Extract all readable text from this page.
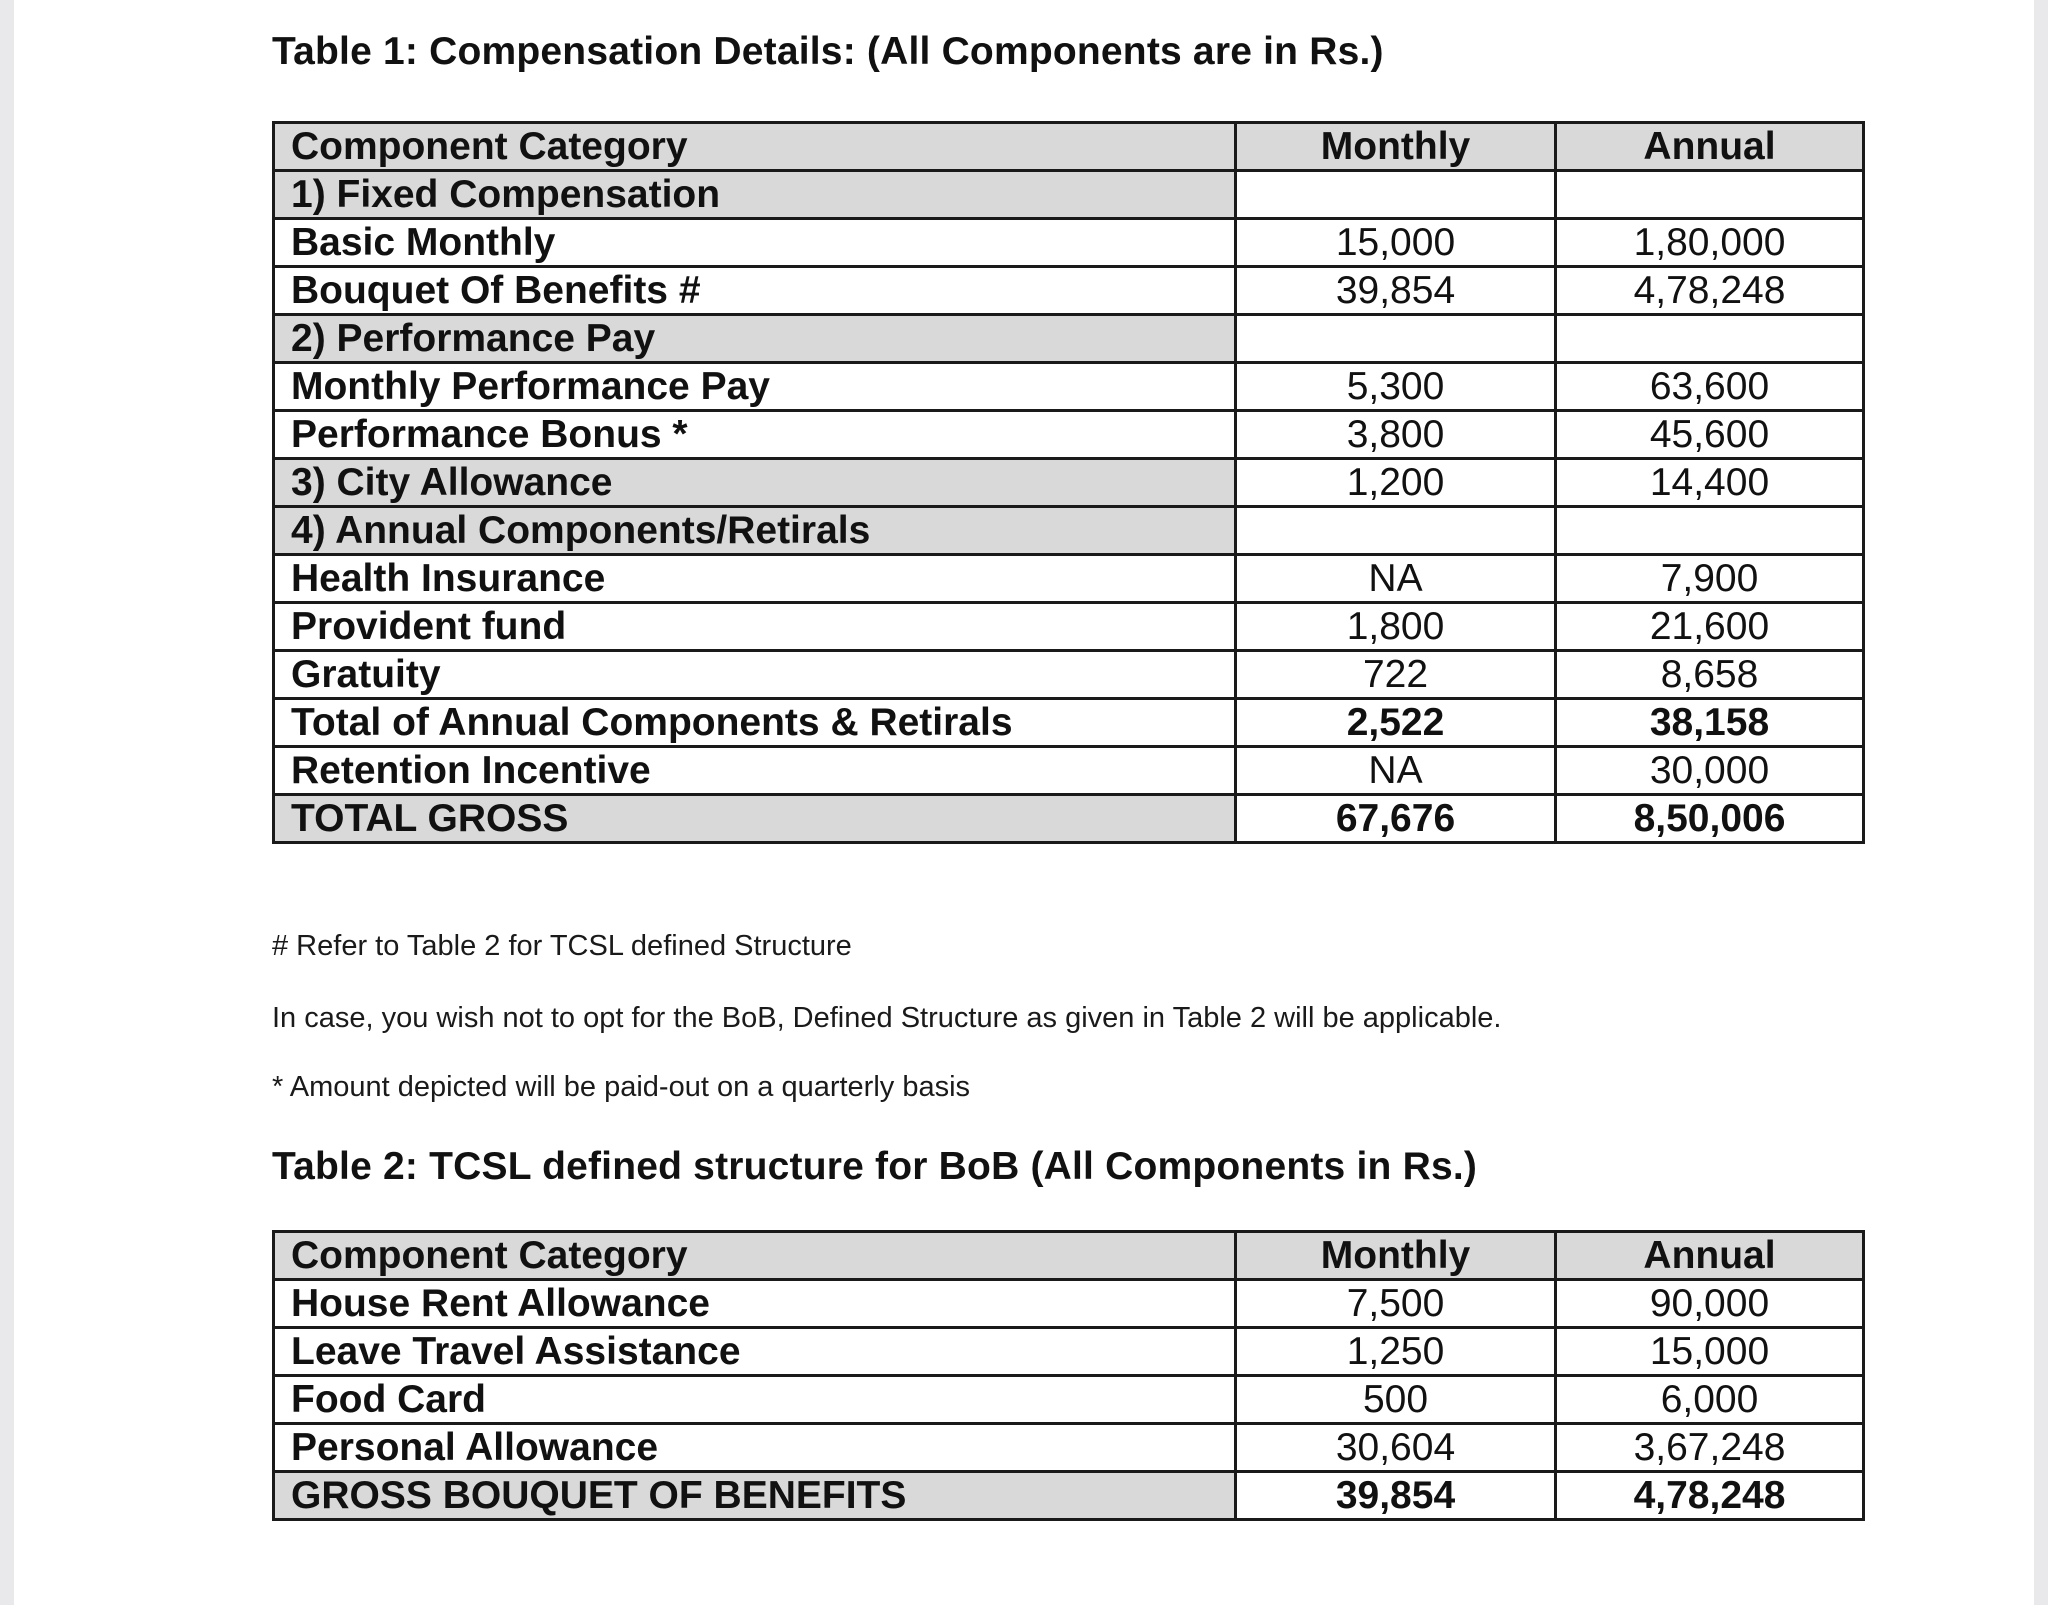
Table 1: Compensation Details: (All Components are in Rs.)
Component Category	Monthly	Annual
1) Fixed Compensation		
Basic Monthly	15,000	1,80,000
Bouquet Of Benefits #	39,854	4,78,248
2) Performance Pay		
Monthly Performance Pay	5,300	63,600
Performance Bonus *	3,800	45,600
3) City Allowance	1,200	14,400
4) Annual Components/Retirals		
Health Insurance	NA	7,900
Provident fund	1,800	21,600
Gratuity	722	8,658
Total of Annual Components & Retirals	2,522	38,158
Retention Incentive	NA	30,000
TOTAL GROSS	67,676	8,50,006
# Refer to Table 2 for TCSL defined Structure
In case, you wish not to opt for the BoB, Defined Structure as given in Table 2 will be applicable.
* Amount depicted will be paid-out on a quarterly basis
Table 2: TCSL defined structure for BoB (All Components in Rs.)
Component Category	Monthly	Annual
House Rent Allowance	7,500	90,000
Leave Travel Assistance	1,250	15,000
Food Card	500	6,000
Personal Allowance	30,604	3,67,248
GROSS BOUQUET OF BENEFITS	39,854	4,78,248
